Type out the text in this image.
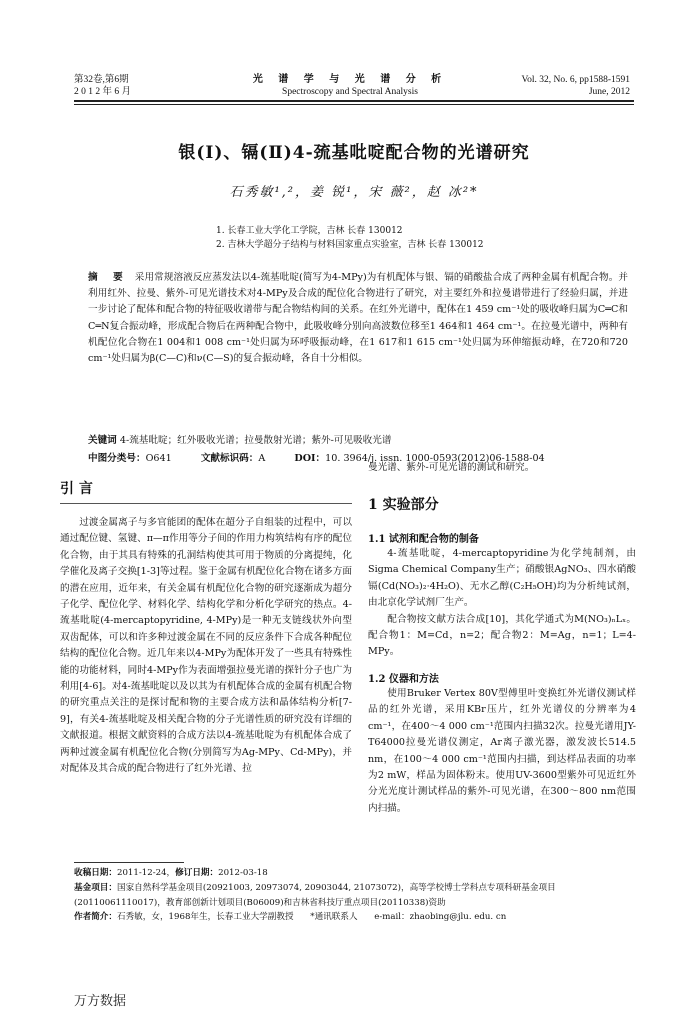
第32卷,第6期
2 0 1 2 年 6 月
光 谱 学 与 光 谱 分 析
Spectroscopy and Spectral Analysis
Vol. 32, No. 6, pp1588-1591
June, 2012
银(Ⅰ)、镉(Ⅱ)4-巯基吡啶配合物的光谱研究
石秀敏¹,²，姜 锐¹，宋 薇²，赵 冰²*
1. 长春工业大学化工学院，吉林 长春 130012
2. 吉林大学超分子结构与材料国家重点实验室，吉林 长春 130012
摘 要 采用常规溶液反应蒸发法以4-巯基吡啶(简写为4-MPy)为有机配体与银、镉的硝酸盐合成了两种金属有机配合物。并利用红外、拉曼、紫外-可见光谱技术对4-MPy及合成的配位化合物进行了研究，对主要红外和拉曼谱带进行了经验归属，并进一步讨论了配体和配合物的特征吸收谱带与配合物结构间的关系。在红外光谱中，配体在1 459 cm⁻¹处的吸收峰归属为C═C和C═N复合振动峰，形成配合物后在两种配合物中，此吸收峰分别向高波数位移至1 464和1 464 cm⁻¹。在拉曼光谱中，两种有机配位化合物在1 004和1 008 cm⁻¹处归属为环呼吸振动峰，在1 617和1 615 cm⁻¹处归属为环伸缩振动峰，在720和720 cm⁻¹处归属为β(C—C)和ν(C—S)的复合振动峰，各自十分相似。
关键词 4-巯基吡啶；红外吸收光谱；拉曼散射光谱；紫外-可见吸收光谱
中图分类号：O641	文献标识码：A	DOI：10. 3964/j. issn. 1000-0593(2012)06-1588-04
引 言

过渡金属离子与多官能团的配体在超分子自组装的过程中，可以通过配位键、氢键、π—π作用等分子间的作用力构筑结构有序的配位化合物，由于其具有特殊的孔洞结构使其可用于物质的分离提纯，化学催化及离子交换[1-3]等过程。鉴于金属有机配位化合物在诸多方面的潜在应用，近年来，有关金属有机配位化合物的研究逐渐成为超分子化学、配位化学、材料化学、结构化学和分析化学研究的热点。4-巯基吡啶(4-mercaptopyridine, 4-MPy)是一种无支链线状外向型双齿配体，可以和许多种过渡金属在不同的反应条件下合成各种配位结构的配位化合物。近几年来以4-MPy为配体开发了一些具有特殊性能的功能材料，同时4-MPy作为表面增强拉曼光谱的探针分子也广为利用[4-6]。对4-巯基吡啶以及以其为有机配体合成的金属有机配合物的研究重点关注的是探讨配和物的主要合成方法和晶体结构分析[7-9]，有关4-巯基吡啶及相关配合物的分子光谱性质的研究没有详细的文献报道。根据文献资料的合成方法以4-巯基吡啶为有机配体合成了两种过渡金属有机配位化合物(分别简写为Ag-MPy、Cd-MPy)，并对配体及其合成的配合物进行了红外光谱、拉

曼光谱、紫外-可见光谱的测试和研究。
1 实验部分
1.1 试剂和配合物的制备

4-巯基吡啶，4-mercaptopyridine为化学纯制剂，由Sigma Chemical Company生产；硝酸银AgNO₃、四水硝酸镉(Cd(NO₃)₂·4H₂O)、无水乙醇(C₂H₅OH)均为分析纯试剂，由北京化学试剂厂生产。

配合物按文献方法合成[10]，其化学通式为M(NO₃)ₙLₓ。配合物1：M=Cd，n=2；配合物2：M=Ag，n=1；L=4-MPy。

1.2 仪器和方法

使用Bruker Vertex 80V型傅里叶变换红外光谱仪测试样品的红外光谱，采用KBr压片，红外光谱仪的分辨率为4 cm⁻¹，在400～4 000 cm⁻¹范围内扫描32次。拉曼光谱用JY-T64000拉曼光谱仪测定，Ar离子激光器，激发波长514.5 nm，在100～4 000 cm⁻¹范围内扫描，到达样品表面的功率为2 mW，样品为固体粉末。使用UV-3600型紫外可见近红外分光光度计测试样品的紫外-可见光谱，在300～800 nm范围内扫描。

收稿日期：2011-12-24，修订日期：2012-03-18
基金项目：国家自然科学基金项目(20921003, 20973074, 20903044, 21073072)，高等学校博士学科点专项科研基金项目(20110061110017)，教育部创新计划项目(B06009)和吉林省科技厅重点项目(20110338)资助
作者简介：石秀敏，女，1968年生，长春工业大学副教授 *通讯联系人 e-mail：zhaobing@jlu. edu. cn
万方数据
